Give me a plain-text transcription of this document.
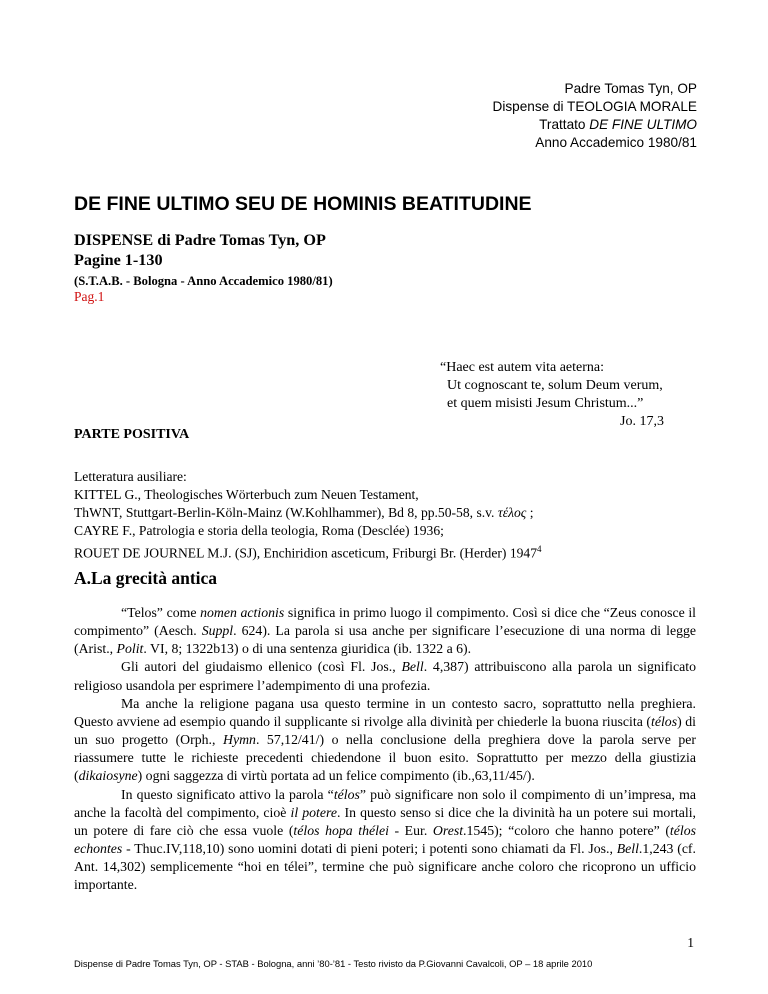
Padre Tomas Tyn, OP
Dispense di TEOLOGIA MORALE
Trattato DE FINE ULTIMO
Anno Accademico 1980/81
DE FINE ULTIMO SEU DE HOMINIS BEATITUDINE
DISPENSE di Padre Tomas Tyn, OP
Pagine 1-130
(S.T.A.B. - Bologna - Anno Accademico 1980/81)
Pag.1
“Haec est autem vita aeterna:
Ut cognoscant te, solum Deum verum,
et quem misisti Jesum Christum...”
Jo. 17,3
PARTE POSITIVA
Letteratura ausiliare:
KITTEL G., Theologisches Wörterbuch zum Neuen Testament,
ThWNT, Stuttgart-Berlin-Köln-Mainz (W.Kohlhammer), Bd 8, pp.50-58, s.v. τέλος ;
CAYRE F., Patrologia e storia della teologia, Roma (Desclée) 1936;
ROUET DE JOURNEL M.J. (SJ), Enchiridion asceticum, Friburgi Br. (Herder) 1947$^4$
A.La grecità antica

“Telos” come nomen actionis significa in primo luogo il compimento. Così si dice che “Zeus conosce il compimento” (Aesch. Suppl. 624). La parola si usa anche per significare l’esecuzione di una norma di legge (Arist., Polit. VI, 8; 1322b13) o di una sentenza giuridica (ib. 1322 a 6).

Gli autori del giudaismo ellenico (così Fl. Jos., Bell. 4,387) attribuiscono alla parola un significato religioso usandola per esprimere l’adempimento di una profezia.

Ma anche la religione pagana usa questo termine in un contesto sacro, soprattutto nella preghiera. Questo avviene ad esempio quando il supplicante si rivolge alla divinità per chiederle la buona riuscita (télos) di un suo progetto (Orph., Hymn. 57,12/41/) o nella conclusione della preghiera dove la parola serve per riassumere tutte le richieste precedenti chiedendone il buon esito. Soprattutto per mezzo della giustizia (dikaiosyne) ogni saggezza di virtù portata ad un felice compimento (ib.,63,11/45/).

In questo significato attivo la parola “télos” può significare non solo il compimento di un’impresa, ma anche la facoltà del compimento, cioè il potere. In questo senso si dice che la divinità ha un potere sui mortali, un potere di fare ciò che essa vuole (télos hopa thélei - Eur. Orest.1545); “coloro che hanno potere” (télos echontes - Thuc.IV,118,10) sono uomini dotati di pieni poteri; i potenti sono chiamati da Fl. Jos., Bell.1,243 (cf. Ant. 14,302) semplicemente “hoi en télei”, termine che può significare anche coloro che ricoprono un ufficio importante.

1
Dispense di Padre Tomas Tyn, OP - STAB - Bologna, anni ’80-’81 - Testo rivisto da P.Giovanni Cavalcoli, OP – 18 aprile 2010
